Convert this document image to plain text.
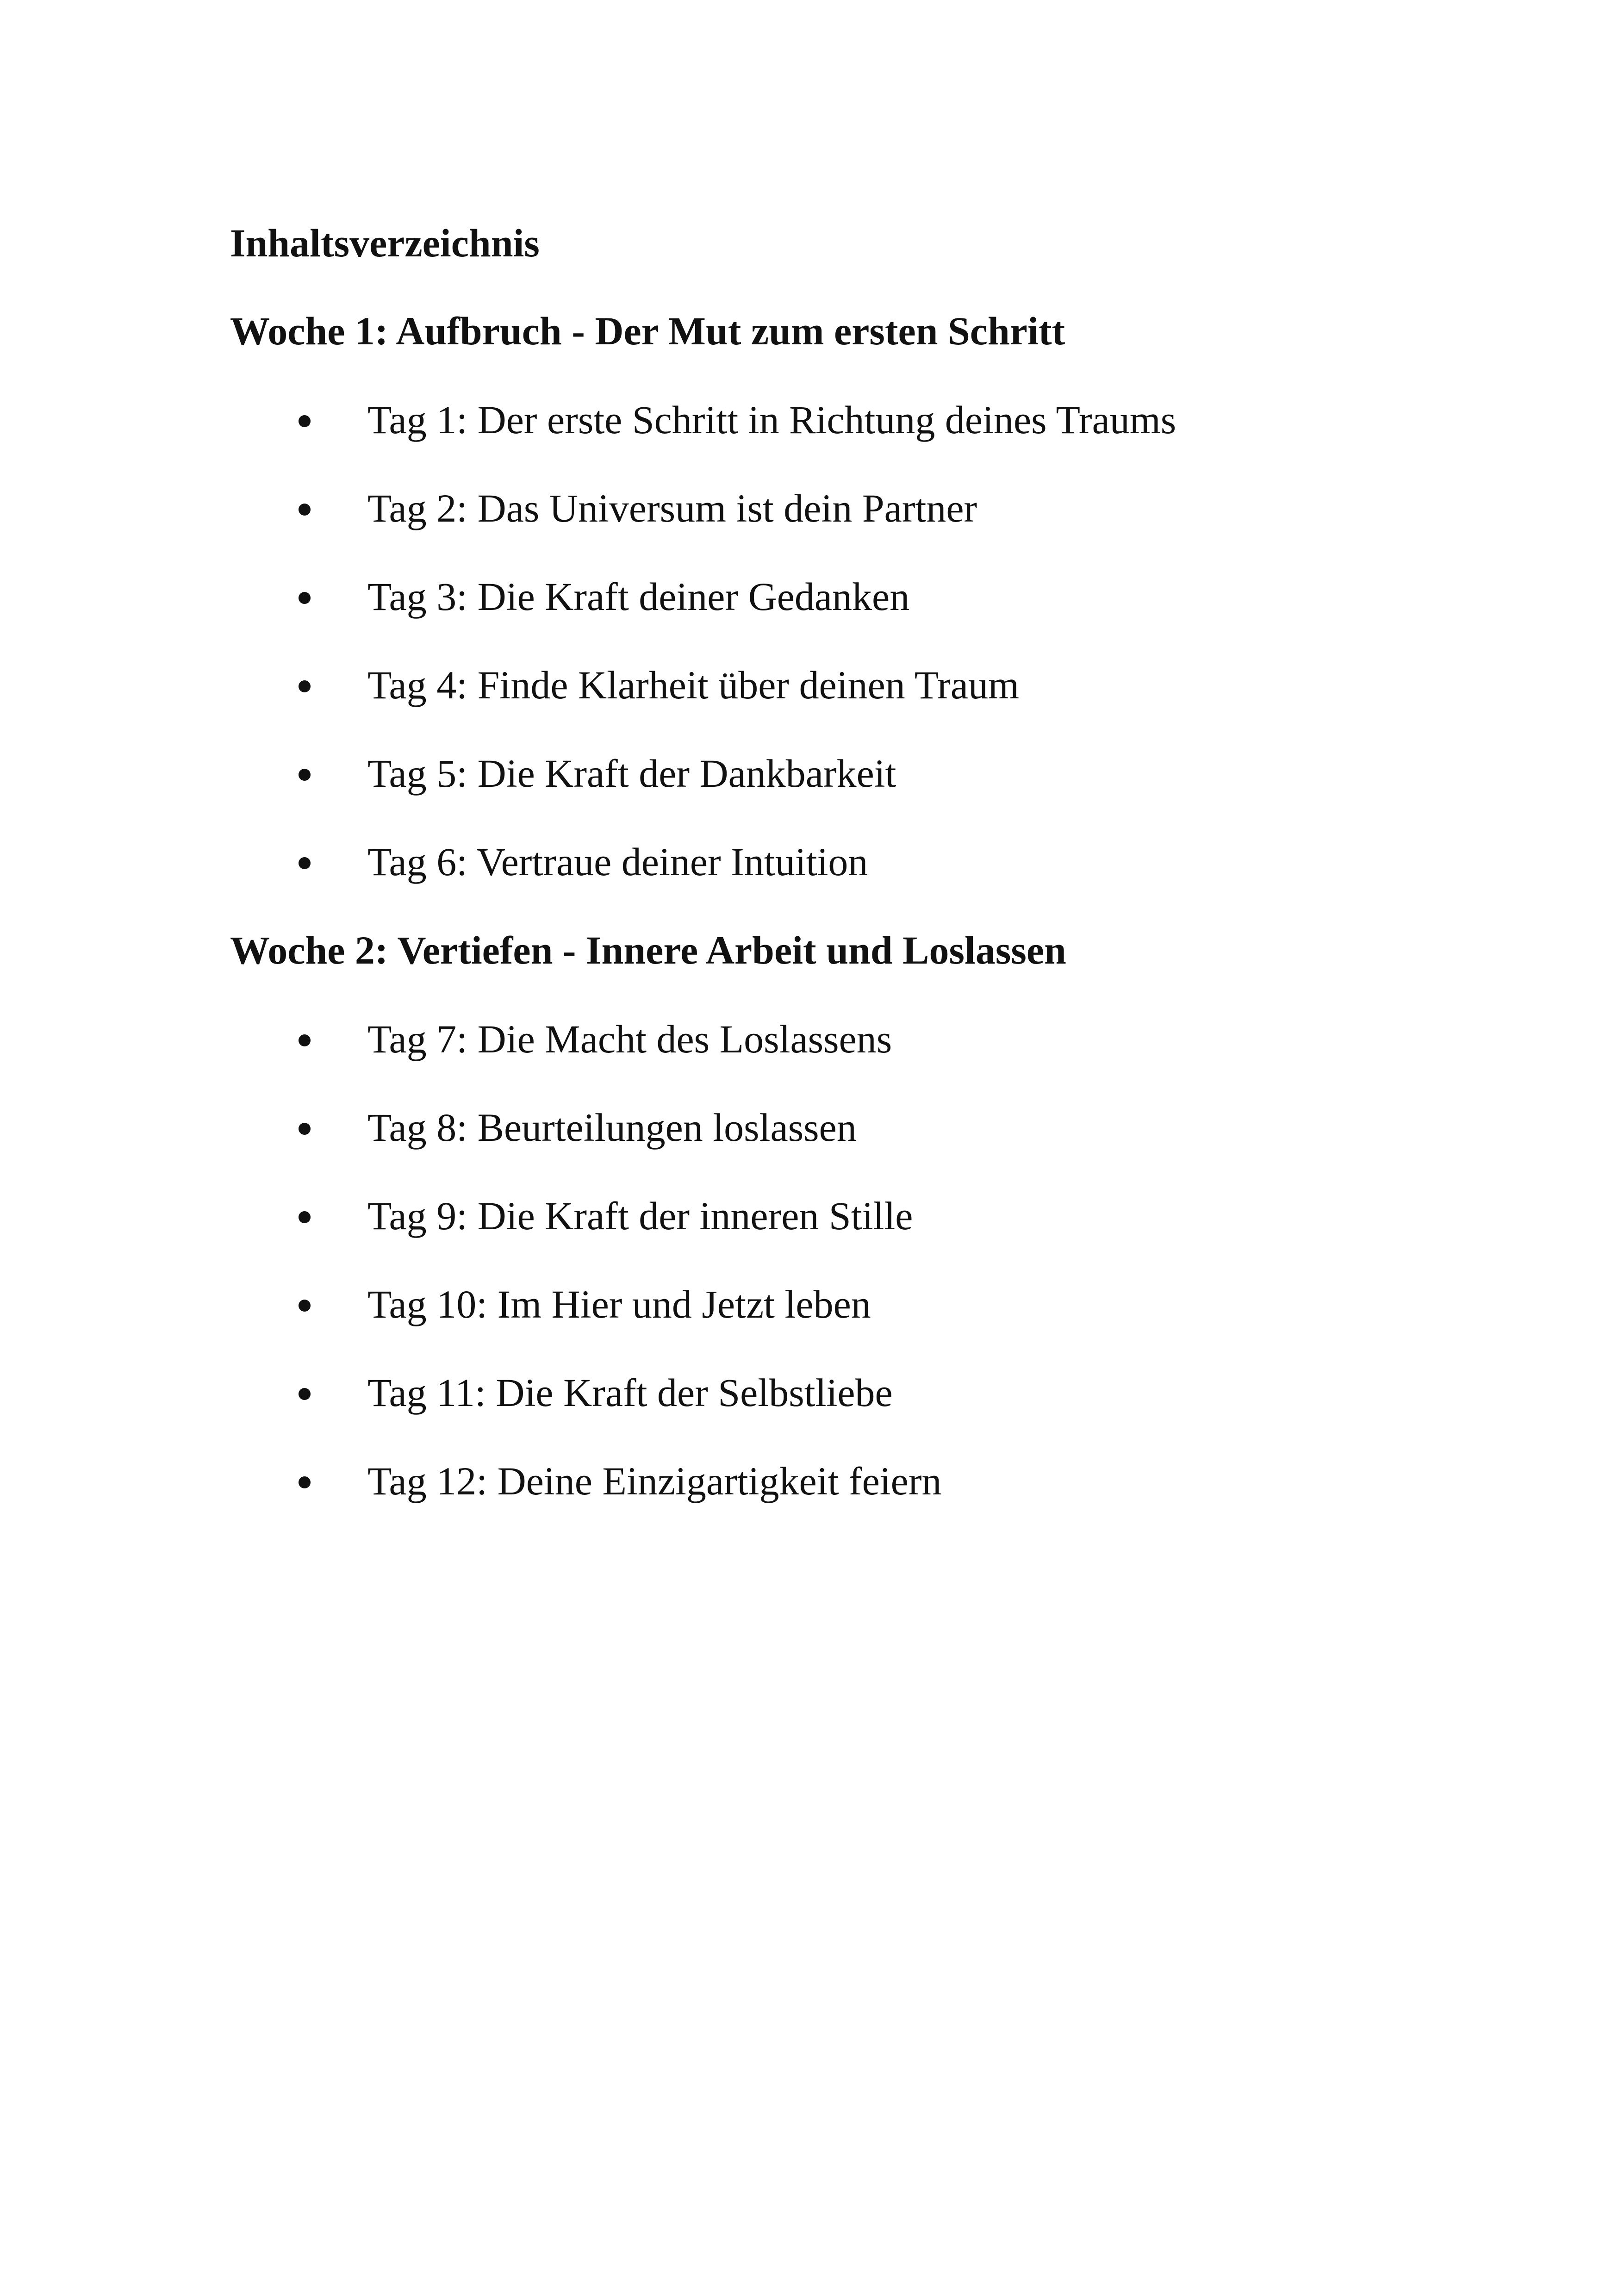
Inhaltsverzeichnis
Woche 1: Aufbruch - Der Mut zum ersten Schritt
Tag 1: Der erste Schritt in Richtung deines Traums
Tag 2: Das Universum ist dein Partner
Tag 3: Die Kraft deiner Gedanken
Tag 4: Finde Klarheit über deinen Traum
Tag 5: Die Kraft der Dankbarkeit
Tag 6: Vertraue deiner Intuition
Woche 2: Vertiefen - Innere Arbeit und Loslassen
Tag 7: Die Macht des Loslassens
Tag 8: Beurteilungen loslassen
Tag 9: Die Kraft der inneren Stille
Tag 10: Im Hier und Jetzt leben
Tag 11: Die Kraft der Selbstliebe
Tag 12: Deine Einzigartigkeit feiern
